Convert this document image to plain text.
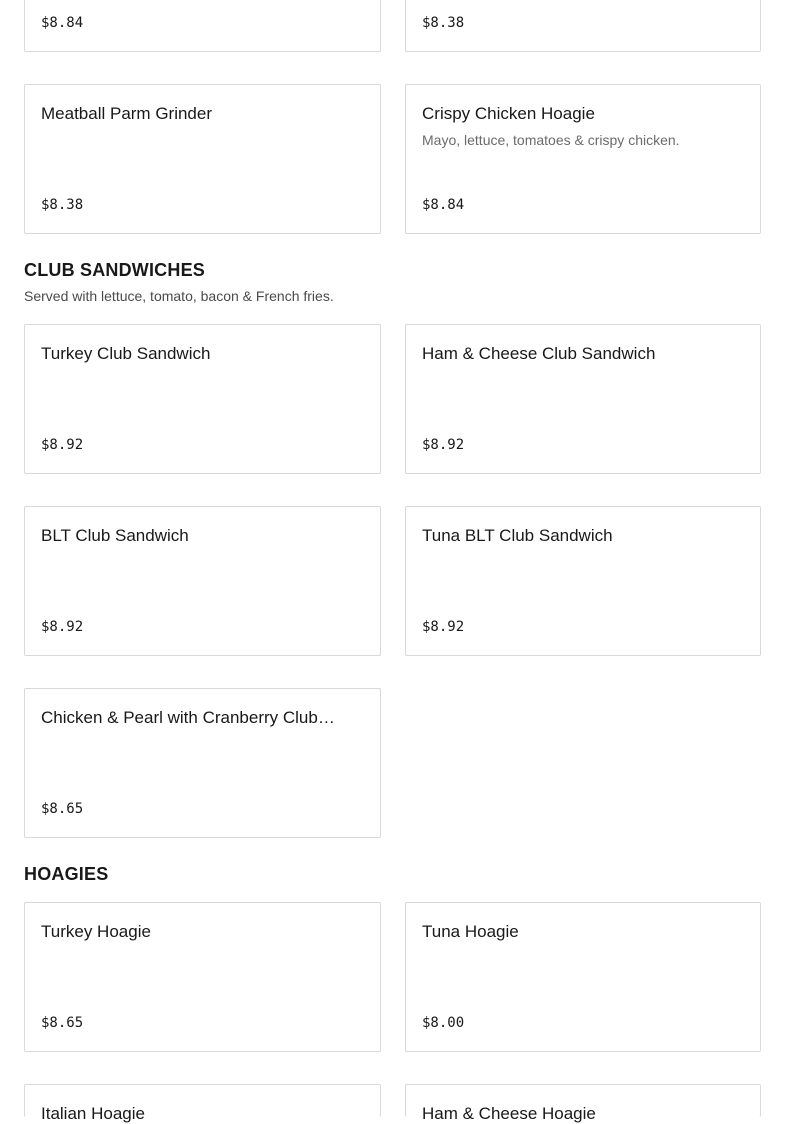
$8.84	$8.38
Meatball Parm Grinder
$8.38
Crispy Chicken Hoagie
Mayo, lettuce, tomatoes & crispy chicken.
$8.84
CLUB SANDWICHES
Served with lettuce, tomato, bacon & French fries.
Turkey Club Sandwich
$8.92
Ham & Cheese Club Sandwich
$8.92
BLT Club Sandwich
$8.92
Tuna BLT Club Sandwich
$8.92
Chicken & Pearl with Cranberry Club…
$8.65
HOAGIES
Turkey Hoagie
$8.65
Tuna Hoagie
$8.00
Italian Hoagie	Ham & Cheese Hoagie
